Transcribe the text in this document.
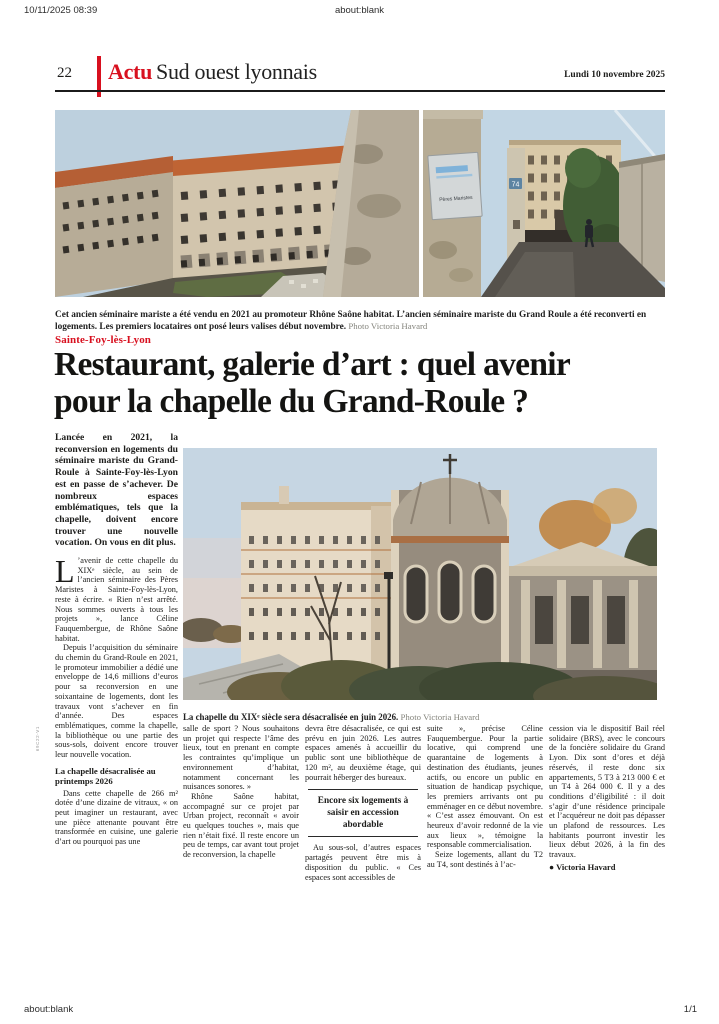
10/11/2025 08:39	about:blank
22 Actu Sud ouest lyonnais	Lundi 10 novembre 2025
74
Pères Maristes

Cet ancien séminaire mariste a été vendu en 2021 au promoteur Rhône Saône habitat. L’ancien séminaire mariste du Grand Roule a été reconverti en logements. Les premiers locataires ont posé leurs valises début novembre. Photo Victoria Havard

Sainte-Foy-lès-Lyon
Restaurant, galerie d’art : quel avenir
pour la chapelle du Grand-Roule ?

Lancée en 2021, la reconversion en logements du séminaire mariste du Grand-Roule à Sainte-Foy-lès-Lyon est en passe de s’achever. De nombreux espaces emblématiques, tels que la chapelle, doivent encore trouver une nouvelle vocation. On vous en dit plus.

L ’avenir de cette chapelle du XIXᵉ siècle, au sein de l’ancien séminaire des Pères Maristes à Sainte-Foy-lès-Lyon, reste à écrire. « Rien n’est arrêté. Nous sommes ouverts à tous les projets », lance Céline Fauquembergue, de Rhône Saône habitat.

Depuis l’acquisition du séminaire du chemin du Grand-Roule en 2021, le promoteur immobilier a dédié une enveloppe de 14,6 millions d’euros pour sa reconversion en une soixantaine de logements, dont les travaux vont s’achever en fin d’année. Des espaces emblématiques, comme la chapelle, la bibliothèque ou une partie des sous-sols, doivent encore trouver leur nouvelle vocation.

La chapelle désacralisée au printemps 2026

Dans cette chapelle de 266 m² dotée d’une dizaine de vitraux, « on peut imaginer un restaurant, avec une pièce attenante pouvant être transformée en cuisine, une galerie d’art ou pourquoi pas une

La chapelle du XIXᵉ siècle sera désacralisée en juin 2026. Photo Victoria Havard

salle de sport ? Nous souhaitons un projet qui respecte l’âme des lieux, tout en prenant en compte les contraintes qu’implique un environnement d’habitat, notamment concernant les nuisances sonores. »

Rhône Saône habitat, accompagné sur ce projet par Urban project, reconnaît « avoir eu quelques touches », mais que rien n’était fixé. Il reste encore un peu de temps, car avant tout projet de reconversion, la chapelle

devra être désacralisée, ce qui est prévu en juin 2026. Les autres espaces amenés à accueillir du public sont une bibliothèque de 120 m², au deuxième étage, qui pourrait héberger des bureaux.

Encore six logements à saisir en accession abordable

Au sous-sol, d’autres espaces partagés peuvent être mis à disposition du public. « Ces espaces sont accessibles de

suite », précise Céline Fauquembergue. Pour la partie locative, qui comprend une quarantaine de logements à destination des étudiants, jeunes actifs, ou encore un public en situation de handicap psychique, les premiers arrivants ont pu emménager en ce début novembre. « C’est assez émouvant. On est heureux d’avoir redonné de la vie aux lieux », témoigne la responsable commercialisation.

Seize logements, allant du T2 au T4, sont destinés à l’ac-

cession via le dispositif Bail réel solidaire (BRS), avec le concours de la foncière solidaire du Grand Lyon. Dix sont d’ores et déjà réservés, il reste donc six appartements, 5 T3 à 213 000 € et un T4 à 264 000 €. Il y a des conditions d’éligibilité : il doit s’agir d’une résidence principale et l’acquéreur ne doit pas dépasser un plafond de ressources. Les habitants pourront investir les lieux début 2026, à la fin des travaux.

● Victoria Havard

69C22-V1
about:blank	1/1
